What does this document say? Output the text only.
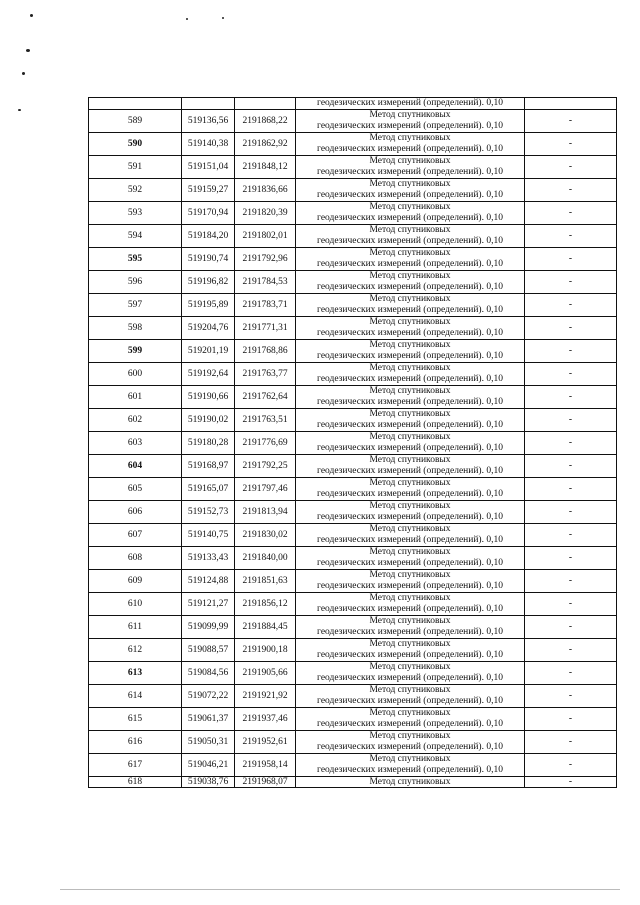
			геодезических измерений (определений). 0,10	
589	519136,56	2191868,22	Метод спутниковых
геодезических измерений (определений). 0,10	-
590	519140,38	2191862,92	Метод спутниковых
геодезических измерений (определений). 0,10	-
591	519151,04	2191848,12	Метод спутниковых
геодезических измерений (определений). 0,10	-
592	519159,27	2191836,66	Метод спутниковых
геодезических измерений (определений). 0,10	-
593	519170,94	2191820,39	Метод спутниковых
геодезических измерений (определений). 0,10	-
594	519184,20	2191802,01	Метод спутниковых
геодезических измерений (определений). 0,10	-
595	519190,74	2191792,96	Метод спутниковых
геодезических измерений (определений). 0,10	-
596	519196,82	2191784,53	Метод спутниковых
геодезических измерений (определений). 0,10	-
597	519195,89	2191783,71	Метод спутниковых
геодезических измерений (определений). 0,10	-
598	519204,76	2191771,31	Метод спутниковых
геодезических измерений (определений). 0,10	-
599	519201,19	2191768,86	Метод спутниковых
геодезических измерений (определений). 0,10	-
600	519192,64	2191763,77	Метод спутниковых
геодезических измерений (определений). 0,10	-
601	519190,66	2191762,64	Метод спутниковых
геодезических измерений (определений). 0,10	-
602	519190,02	2191763,51	Метод спутниковых
геодезических измерений (определений). 0,10	-
603	519180,28	2191776,69	Метод спутниковых
геодезических измерений (определений). 0,10	-
604	519168,97	2191792,25	Метод спутниковых
геодезических измерений (определений). 0,10	-
605	519165,07	2191797,46	Метод спутниковых
геодезических измерений (определений). 0,10	-
606	519152,73	2191813,94	Метод спутниковых
геодезических измерений (определений). 0,10	-
607	519140,75	2191830,02	Метод спутниковых
геодезических измерений (определений). 0,10	-
608	519133,43	2191840,00	Метод спутниковых
геодезических измерений (определений). 0,10	-
609	519124,88	2191851,63	Метод спутниковых
геодезических измерений (определений). 0,10	-
610	519121,27	2191856,12	Метод спутниковых
геодезических измерений (определений). 0,10	-
611	519099,99	2191884,45	Метод спутниковых
геодезических измерений (определений). 0,10	-
612	519088,57	2191900,18	Метод спутниковых
геодезических измерений (определений). 0,10	-
613	519084,56	2191905,66	Метод спутниковых
геодезических измерений (определений). 0,10	-
614	519072,22	2191921,92	Метод спутниковых
геодезических измерений (определений). 0,10	-
615	519061,37	2191937,46	Метод спутниковых
геодезических измерений (определений). 0,10	-
616	519050,31	2191952,61	Метод спутниковых
геодезических измерений (определений). 0,10	-
617	519046,21	2191958,14	Метод спутниковых
геодезических измерений (определений). 0,10	-
618	519038,76	2191968,07	Метод спутниковых	-
